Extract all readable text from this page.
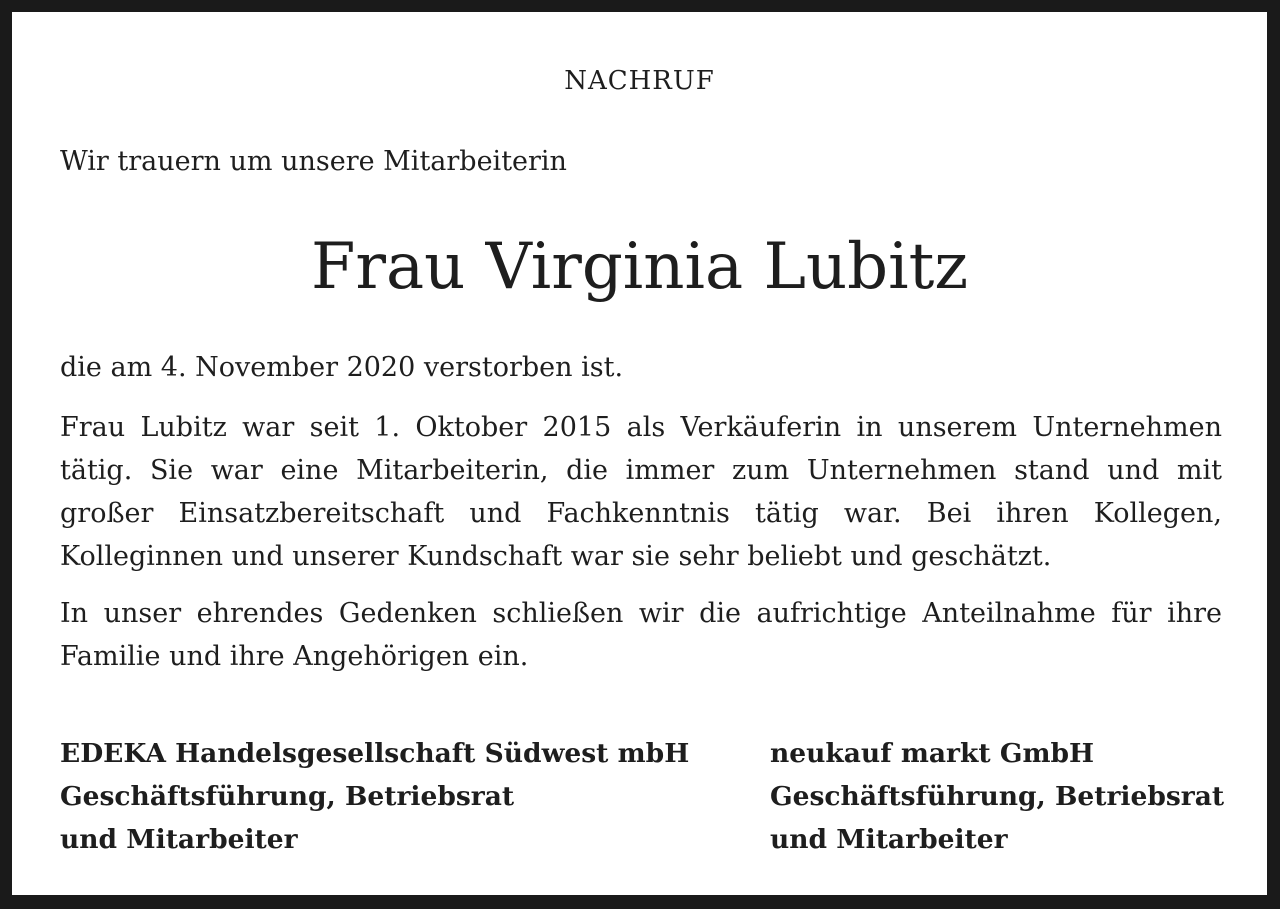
NACHRUF
Wir trauern um unsere Mitarbeiterin
Frau Virginia Lubitz
die am 4. November 2020 verstorben ist.
Frau Lubitz war seit 1. Oktober 2015 als Verkäuferin in unserem Unternehmen tätig. Sie war eine Mitarbeiterin, die immer zum Unternehmen stand und mit großer Einsatzbereitschaft und Fachkenntnis tätig war. Bei ihren Kollegen, Kolleginnen und unserer Kundschaft war sie sehr beliebt und geschätzt.
In unser ehrendes Gedenken schließen wir die aufrichtige Anteilnahme für ihre Familie und ihre Angehörigen ein.
EDEKA Handelsgesellschaft Südwest mbH
Geschäftsführung, Betriebsrat
und Mitarbeiter
neukauf markt GmbH
Geschäftsführung, Betriebsrat
und Mitarbeiter
